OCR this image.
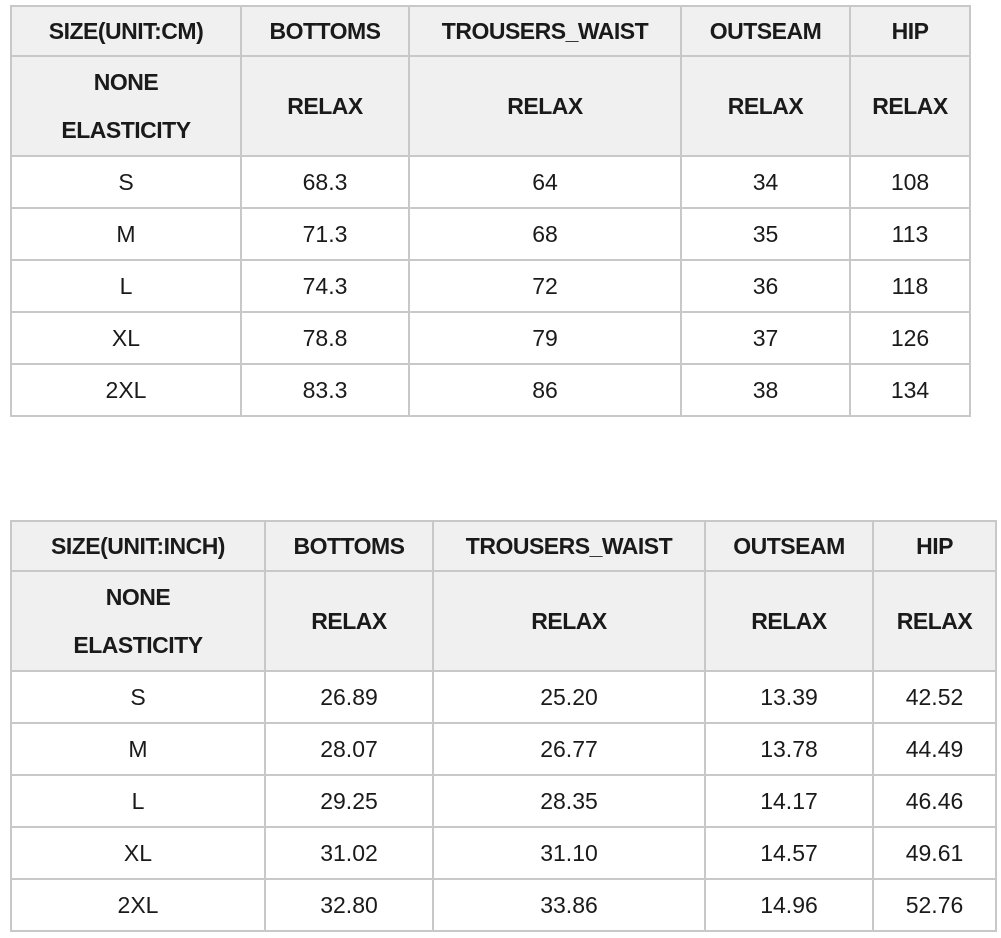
SIZE(UNIT:CM)	BOTTOMS	TROUSERS_WAIST	OUTSEAM	HIP

NONE
ELASTICITY	RELAX	RELAX	RELAX	RELAX

S	68.3	64	34	108
M	71.3	68	35	113
L	74.3	72	36	118
XL	78.8	79	37	126
2XL	83.3	86	38	134
SIZE(UNIT:INCH)	BOTTOMS	TROUSERS_WAIST	OUTSEAM	HIP

NONE
ELASTICITY	RELAX	RELAX	RELAX	RELAX

S	26.89	25.20	13.39	42.52
M	28.07	26.77	13.78	44.49
L	29.25	28.35	14.17	46.46
XL	31.02	31.10	14.57	49.61
2XL	32.80	33.86	14.96	52.76
